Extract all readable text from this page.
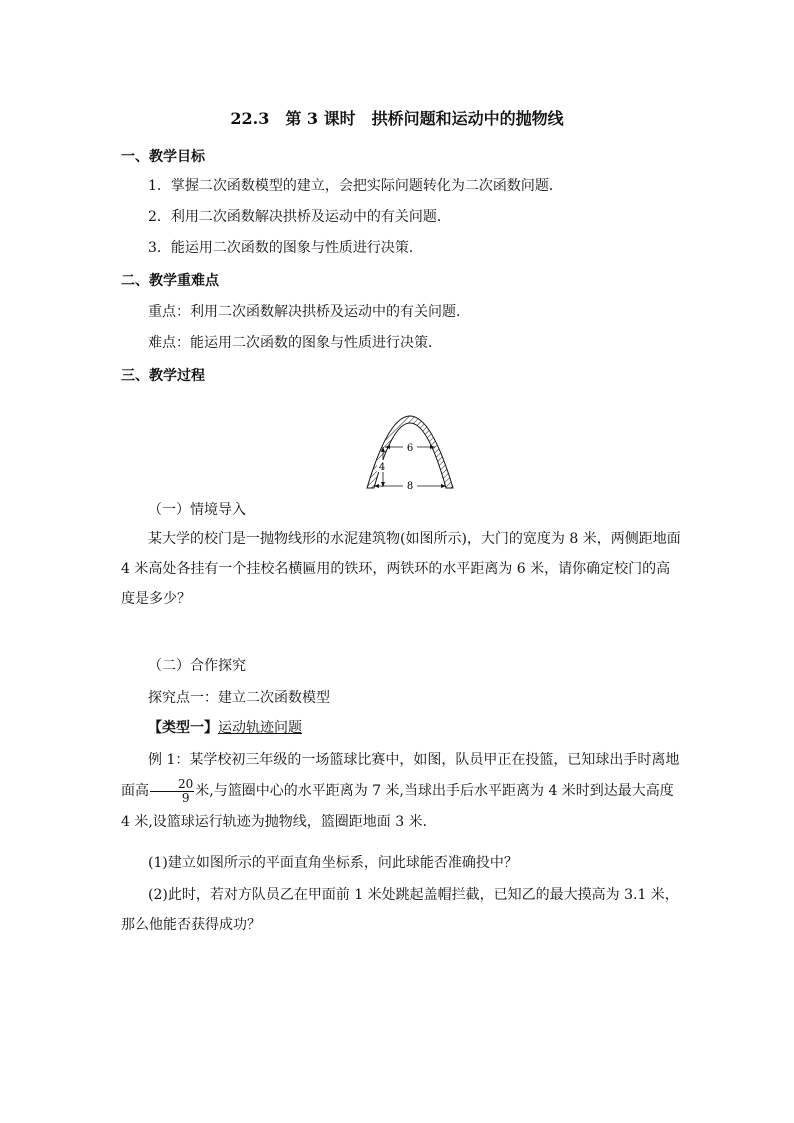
22.3　第 3 课时　拱桥问题和运动中的抛物线
一、教学目标
1．掌握二次函数模型的建立，会把实际问题转化为二次函数问题．
2．利用二次函数解决拱桥及运动中的有关问题．
3．能运用二次函数的图象与性质进行决策．
二、教学重难点
重点：利用二次函数解决拱桥及运动中的有关问题．
难点：能运用二次函数的图象与性质进行决策．
三、教学过程
6
4
8
（一）情境导入
某大学的校门是一抛物线形的水泥建筑物(如图所示)，大门的宽度为 8 米，两侧距地面 4 米高处各挂有一个挂校名横匾用的铁环，两铁环的水平距离为 6 米，请你确定校门的高度是多少？
（二）合作探究
探究点一：建立二次函数模型
【类型一】运动轨迹问题
例 1：某学校初三年级的一场篮球比赛中，如图，队员甲正在投篮，已知球出手时离地面高 $\frac{20}{9}$ 米,与篮圈中心的水平距离为 7 米,当球出手后水平距离为 4 米时到达最大高度 4 米,设篮球运行轨迹为抛物线，篮圈距地面 3 米．
(1)建立如图所示的平面直角坐标系，问此球能否准确投中？
(2)此时，若对方队员乙在甲面前 1 米处跳起盖帽拦截，已知乙的最大摸高为 3.1 米，那么他能否获得成功？
